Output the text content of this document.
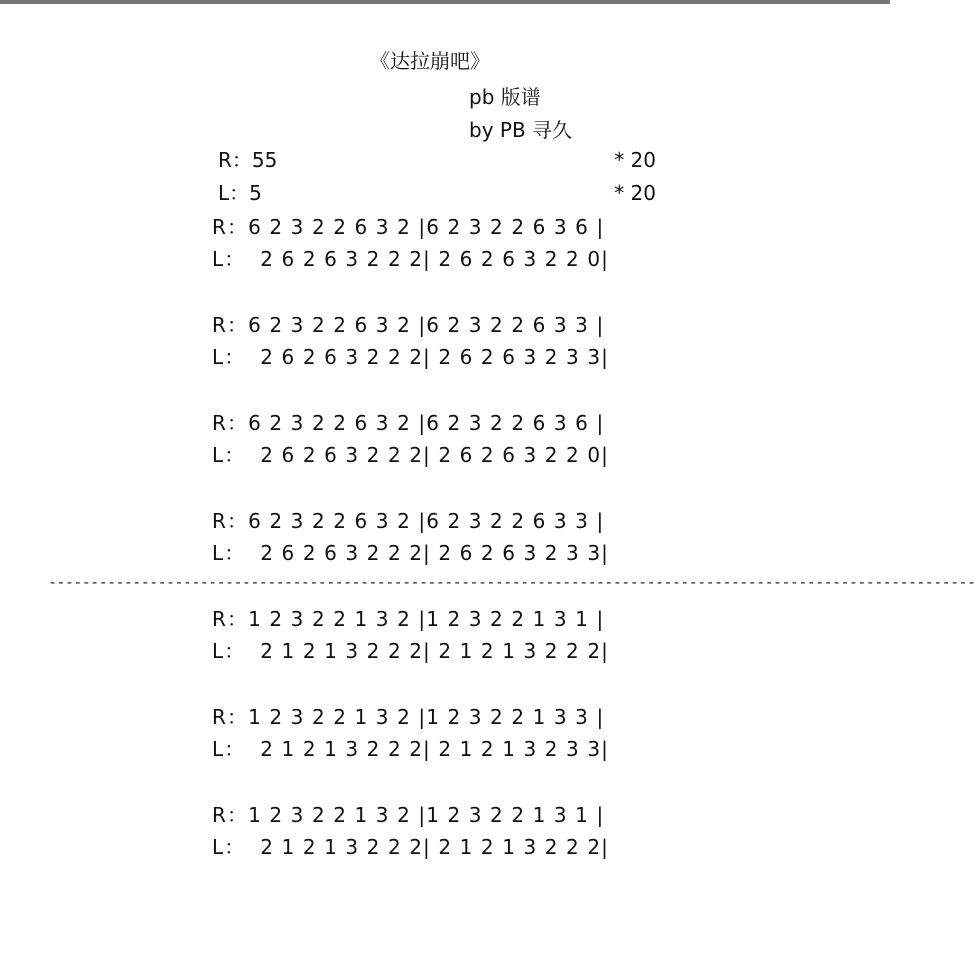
《达拉崩吧》
pb 版谱
by PB 寻久
R：55	* 20
L：5	* 20
R：6 2 3 2 2 6 3 2 |6 2 3 2 2 6 3 6 |
L：  2 6 2 6 3 2 2 2| 2 6 2 6 3 2 2 0|
R：6 2 3 2 2 6 3 2 |6 2 3 2 2 6 3 3 |
L：  2 6 2 6 3 2 2 2| 2 6 2 6 3 2 3 3|
R：6 2 3 2 2 6 3 2 |6 2 3 2 2 6 3 6 |
L：  2 6 2 6 3 2 2 2| 2 6 2 6 3 2 2 0|
R：6 2 3 2 2 6 3 2 |6 2 3 2 2 6 3 3 |
L：  2 6 2 6 3 2 2 2| 2 6 2 6 3 2 3 3|
--------------------------------------------------------------------------------------------------------------
R：1 2 3 2 2 1 3 2 |1 2 3 2 2 1 3 1 |
L：  2 1 2 1 3 2 2 2| 2 1 2 1 3 2 2 2|
R：1 2 3 2 2 1 3 2 |1 2 3 2 2 1 3 3 |
L：  2 1 2 1 3 2 2 2| 2 1 2 1 3 2 3 3|
R：1 2 3 2 2 1 3 2 |1 2 3 2 2 1 3 1 |
L：  2 1 2 1 3 2 2 2| 2 1 2 1 3 2 2 2|
